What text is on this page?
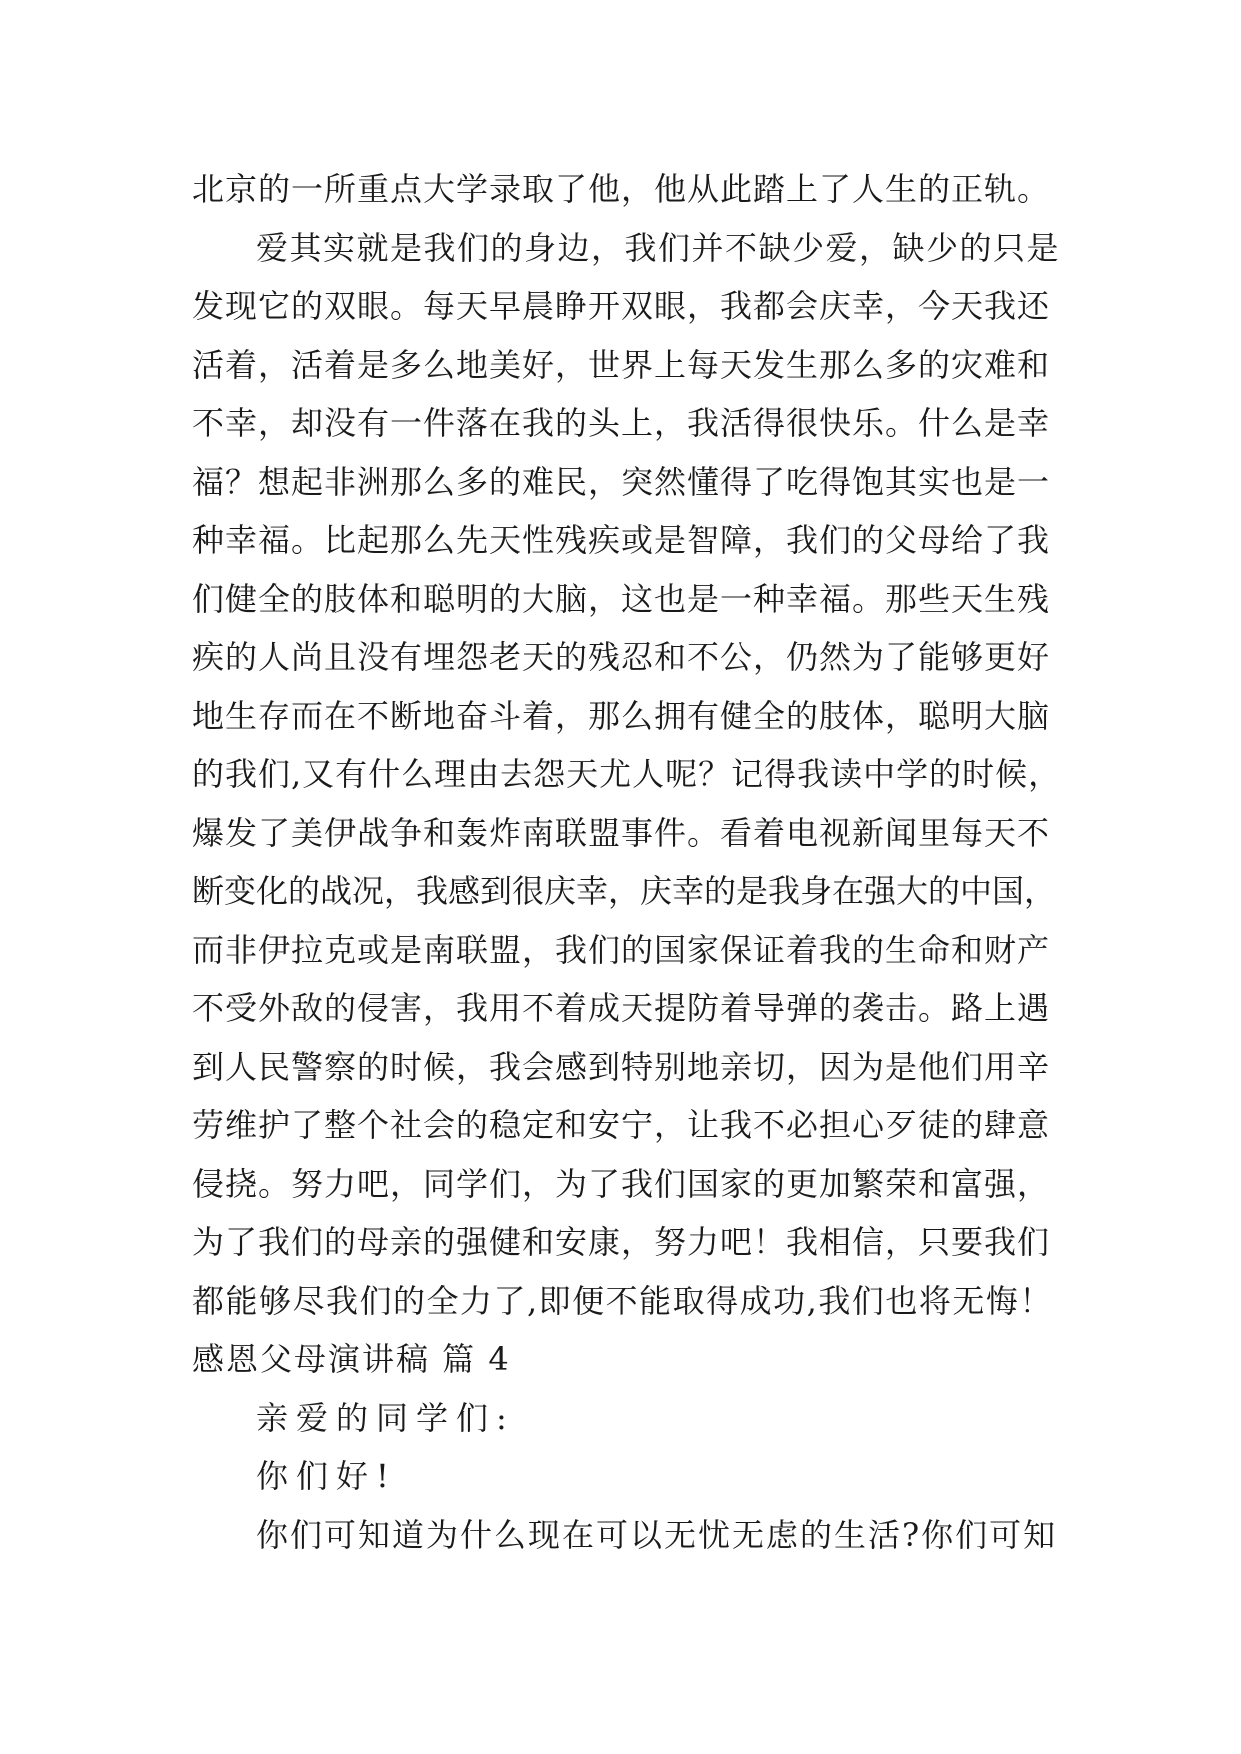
北京的一所重点大学录取了他，他从此踏上了人生的正轨。
爱其实就是我们的身边，我们并不缺少爱，缺少的只是
发现它的双眼。每天早晨睁开双眼，我都会庆幸，今天我还
活着，活着是多么地美好，世界上每天发生那么多的灾难和
不幸，却没有一件落在我的头上，我活得很快乐。什么是幸
福？想起非洲那么多的难民，突然懂得了吃得饱其实也是一
种幸福。比起那么先天性残疾或是智障，我们的父母给了我
们健全的肢体和聪明的大脑，这也是一种幸福。那些天生残
疾的人尚且没有埋怨老天的残忍和不公，仍然为了能够更好
地生存而在不断地奋斗着，那么拥有健全的肢体，聪明大脑
的我们,又有什么理由去怨天尤人呢？记得我读中学的时候，
爆发了美伊战争和轰炸南联盟事件。看着电视新闻里每天不
断变化的战况，我感到很庆幸，庆幸的是我身在强大的中国，
而非伊拉克或是南联盟，我们的国家保证着我的生命和财产
不受外敌的侵害，我用不着成天提防着导弹的袭击。路上遇
到人民警察的时候，我会感到特别地亲切，因为是他们用辛
劳维护了整个社会的稳定和安宁，让我不必担心歹徒的肆意
侵挠。努力吧，同学们，为了我们国家的更加繁荣和富强，
为了我们的母亲的强健和安康，努力吧！我相信，只要我们
都能够尽我们的全力了,即便不能取得成功,我们也将无悔！
感恩父母演讲稿 篇 4
亲爱的同学们:
你们好!
你们可知道为什么现在可以无忧无虑的生活?你们可知
